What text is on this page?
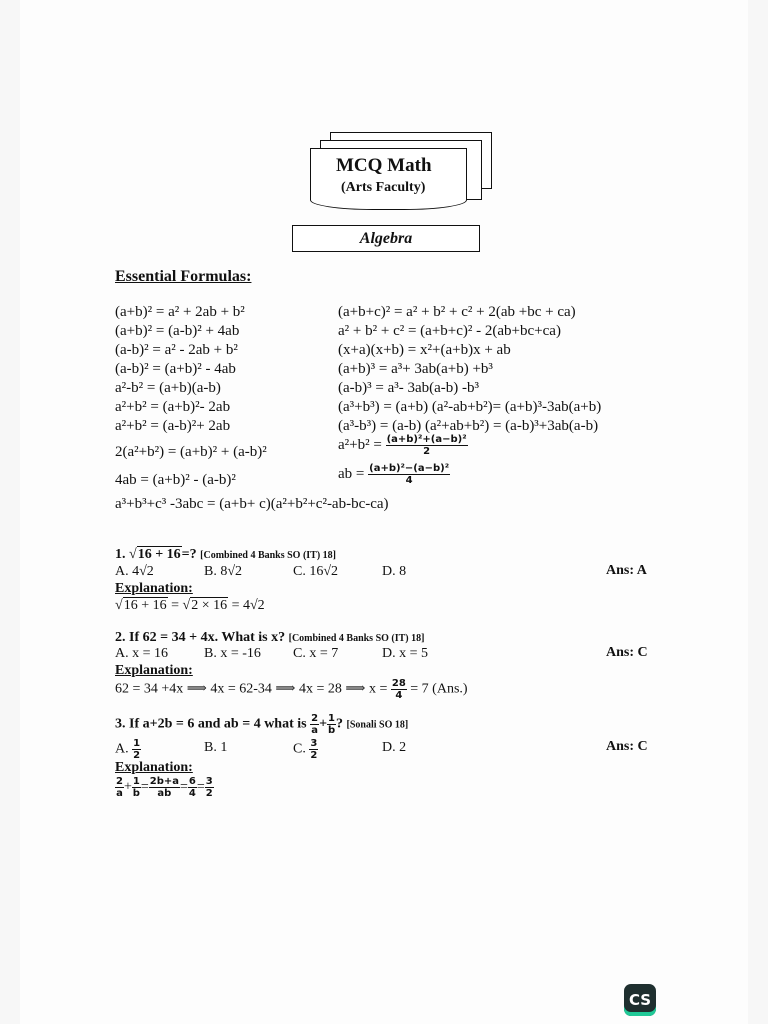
MCQ Math
(Arts Faculty)
Algebra
Essential Formulas:
(a+b)² = a² + 2ab + b²
(a+b)² = (a-b)² + 4ab
(a-b)² = a² - 2ab + b²
(a-b)² = (a+b)² - 4ab
a²-b² = (a+b)(a-b)
a²+b² = (a+b)²- 2ab
a²+b² = (a-b)²+ 2ab
2(a²+b²) = (a+b)² + (a-b)²
4ab = (a+b)² - (a-b)²
(a+b+c)² = a² + b² + c² + 2(ab +bc + ca)
a² + b² + c² = (a+b+c)² - 2(ab+bc+ca)
(x+a)(x+b) = x²+(a+b)x + ab
(a+b)³ = a³+ 3ab(a+b) +b³
(a-b)³ = a³- 3ab(a-b) -b³
(a³+b³) = (a+b) (a²-ab+b²)= (a+b)³-3ab(a+b)
(a³-b³) = (a-b) (a²+ab+b²) = (a-b)³+3ab(a-b)
$a^2+b^2 = \frac{\text{(a+b)²+(a−b)²}}{2}$
ab = $\frac{\text{(a+b)²−(a−b)²}}{4}$
a³+b³+c³ -3abc = (a+b+ c)(a²+b²+c²-ab-bc-ca)
1. √16 + 16=? [Combined 4 Banks SO (IT) 18]
A. 4√2	B. 8√2	C. 16√2	D. 8	Ans: A
Explanation:
√16 + 16 = √2 × 16 = 4√2
2. If 62 = 34 + 4x. What is x? [Combined 4 Banks SO (IT) 18]
A. x = 16	B. x = -16 C. x = 7	D. x = 5	Ans: C
Explanation:
62 = 34 +4x ⟹ 4x = 62-34 ⟹ 4x = 28 ⟹ $x = \frac{28}{4} = 7$ (Ans.)
3. If a+2b = 6 and ab = 4 what is $\frac{2}{a} + \frac{1}{b}$ ? [Sonali SO 18]
A. $\frac{1}{2}$	B. 1	C. $\frac{3}{2}$	D. 2	Ans: C
Explanation:
$\frac{2}{a} + \frac{1}{b} = \frac{2b+a}{ab} = \frac{6}{4} = \frac{3}{2}$
CS
